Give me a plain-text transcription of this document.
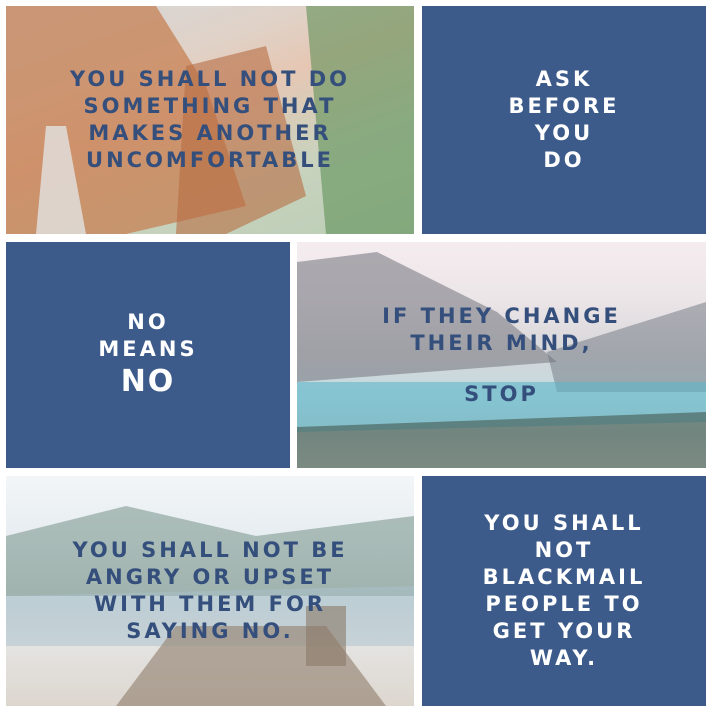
YOU SHALL NOT DO
SOMETHING THAT
MAKES ANOTHER
UNCOMFORTABLE
ASK
BEFORE
YOU
DO
NO
MEANS
NO
IF THEY CHANGE
THEIR MIND,
STOP
YOU SHALL NOT BE
ANGRY OR UPSET
WITH THEM FOR
SAYING NO.
YOU SHALL
NOT
BLACKMAIL
PEOPLE TO
GET YOUR
WAY.
